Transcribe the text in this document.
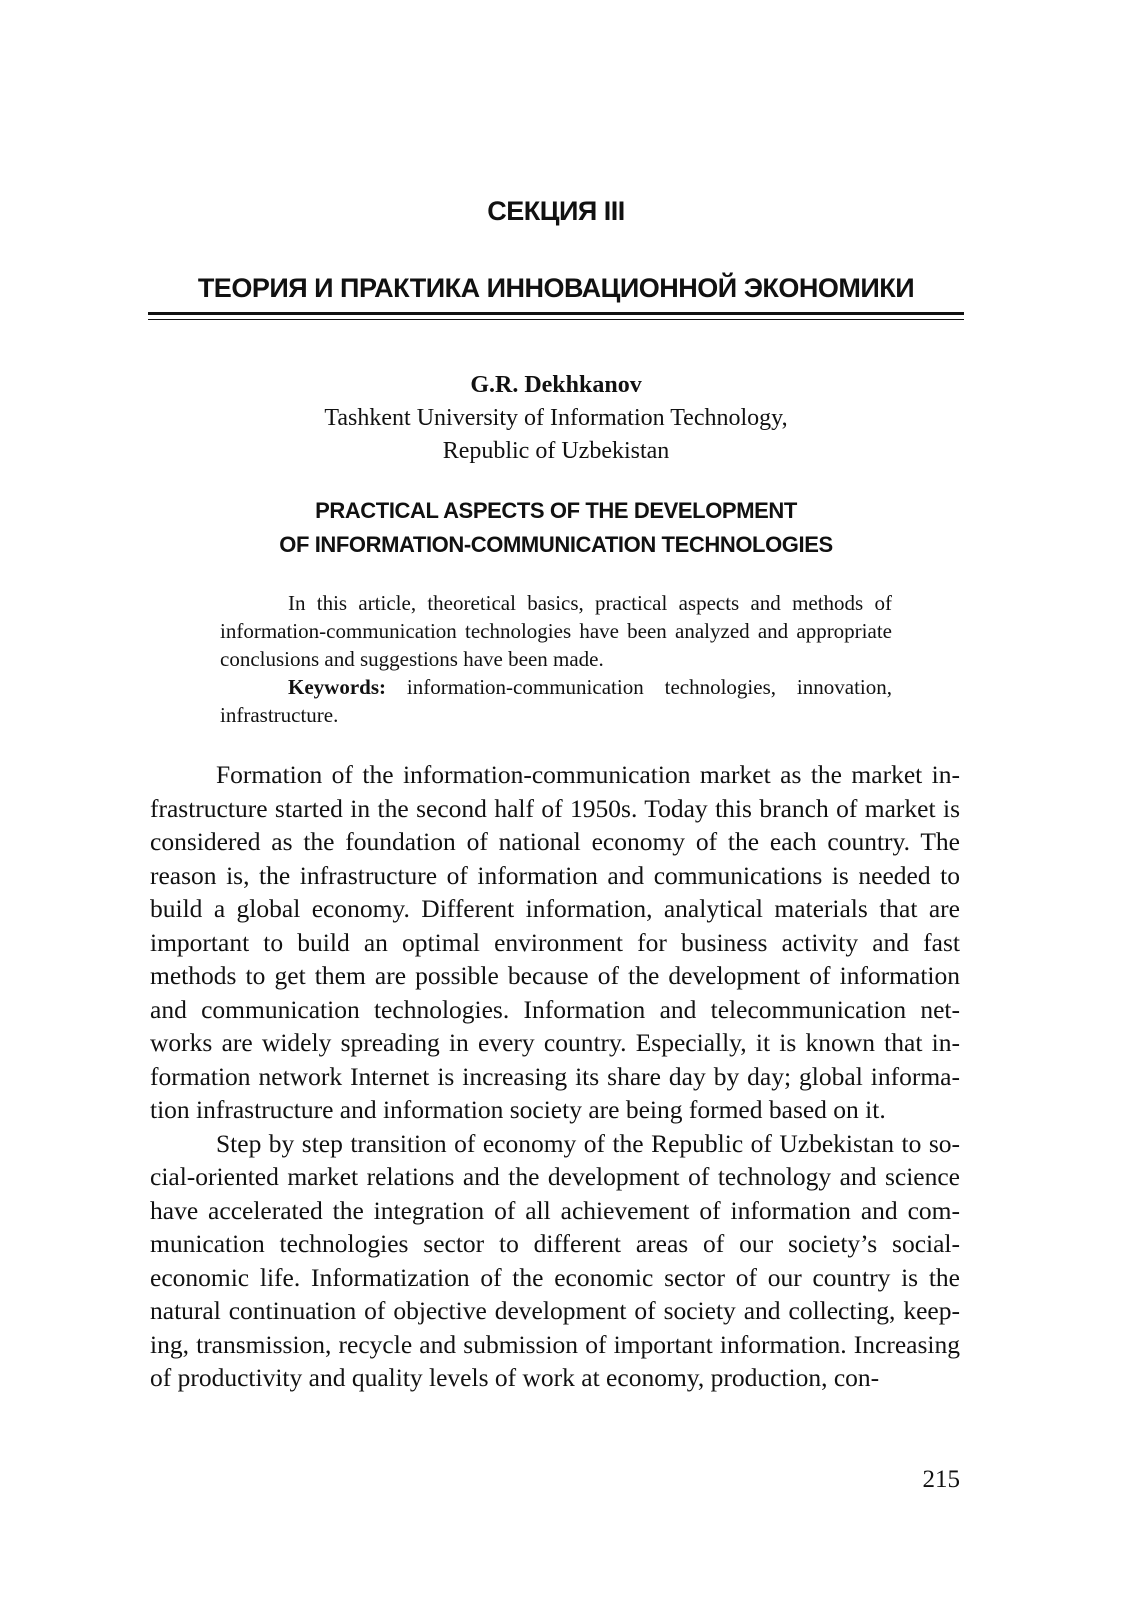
СЕКЦИЯ III
ТЕОРИЯ И ПРАКТИКА ИННОВАЦИОННОЙ ЭКОНОМИКИ
G.R. Dekhkanov
Tashkent University of Information Technology,
Republic of Uzbekistan
PRACTICAL ASPECTS OF THE DEVELOPMENT
OF INFORMATION-COMMUNICATION TECHNOLOGIES

In this article, theoretical basics, practical aspects and methods of information-communication technologies have been analyzed and appropriate conclusions and suggestions have been made.

Keywords: information-communication technologies, innovation, infrastructure.

Formation of the information-communication market as the market infrastructure started in the second half of 1950s. Today this branch of market is considered as the foundation of national economy of the each country. The reason is, the infrastructure of information and communications is needed to build a global economy. Different information, analytical materials that are important to build an optimal environment for business activity and fast methods to get them are possible because of the development of information and communication technologies. Information and telecommunication networks are widely spreading in every country. Especially, it is known that information network Internet is increasing its share day by day; global information infrastructure and information society are being formed based on it.

Step by step transition of economy of the Republic of Uzbekistan to social-oriented market relations and the development of technology and science have accelerated the integration of all achievement of information and communication technologies sector to different areas of our society’s social-economic life. Informatization of the economic sector of our country is the natural continuation of objective development of society and collecting, keeping, transmission, recycle and submission of important information. Increasing of productivity and quality levels of work at economy, production, con-

215
